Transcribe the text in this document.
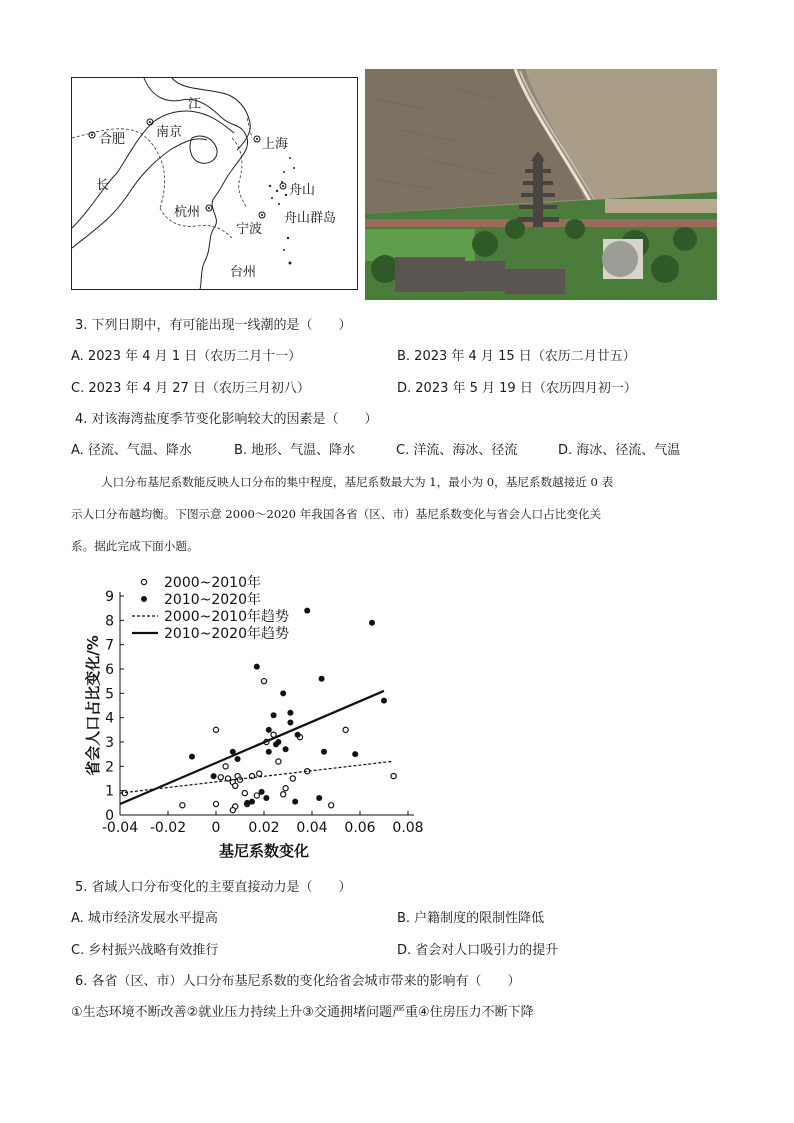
合肥 南京
江
上海
长	舟山
杭州	舟山群岛
宁波
台州
3. 下列日期中，有可能出现一线潮的是（　　）
A. 2023 年 4 月 1 日（农历二月十一）	B. 2023 年 4 月 15 日（农历二月廿五）
C. 2023 年 4 月 27 日（农历三月初八）	D. 2023 年 5 月 19 日（农历四月初一）
4. 对该海湾盐度季节变化影响较大的因素是（　　）
A. 径流、气温、降水	B. 地形、气温、降水	C. 洋流、海冰、径流	D. 海冰、径流、气温
人口分布基尼系数能反映人口分布的集中程度，基尼系数最大为 1，最小为 0，基尼系数越接近 0 表
示人口分布越均衡。下图示意 2000～2020 年我国各省（区、市）基尼系数变化与省会人口占比变化关
系。据此完成下面小题。
0
1
2
3
4
5
6
7
8
9
-0.04 -0.02 0 0.02 0.04 0.06 0.08
2000~2010年
2010~2020年
2000~2010年趋势
2010~2020年趋势
省会人口占比变化/%
基尼系数变化
5. 省域人口分布变化的主要直接动力是（　　）
A. 城市经济发展水平提高	B. 户籍制度的限制性降低
C. 乡村振兴战略有效推行	D. 省会对人口吸引力的提升
6. 各省（区、市）人口分布基尼系数的变化给省会城市带来的影响有（　　）
①生态环境不断改善②就业压力持续上升③交通拥堵问题严重④住房压力不断下降
